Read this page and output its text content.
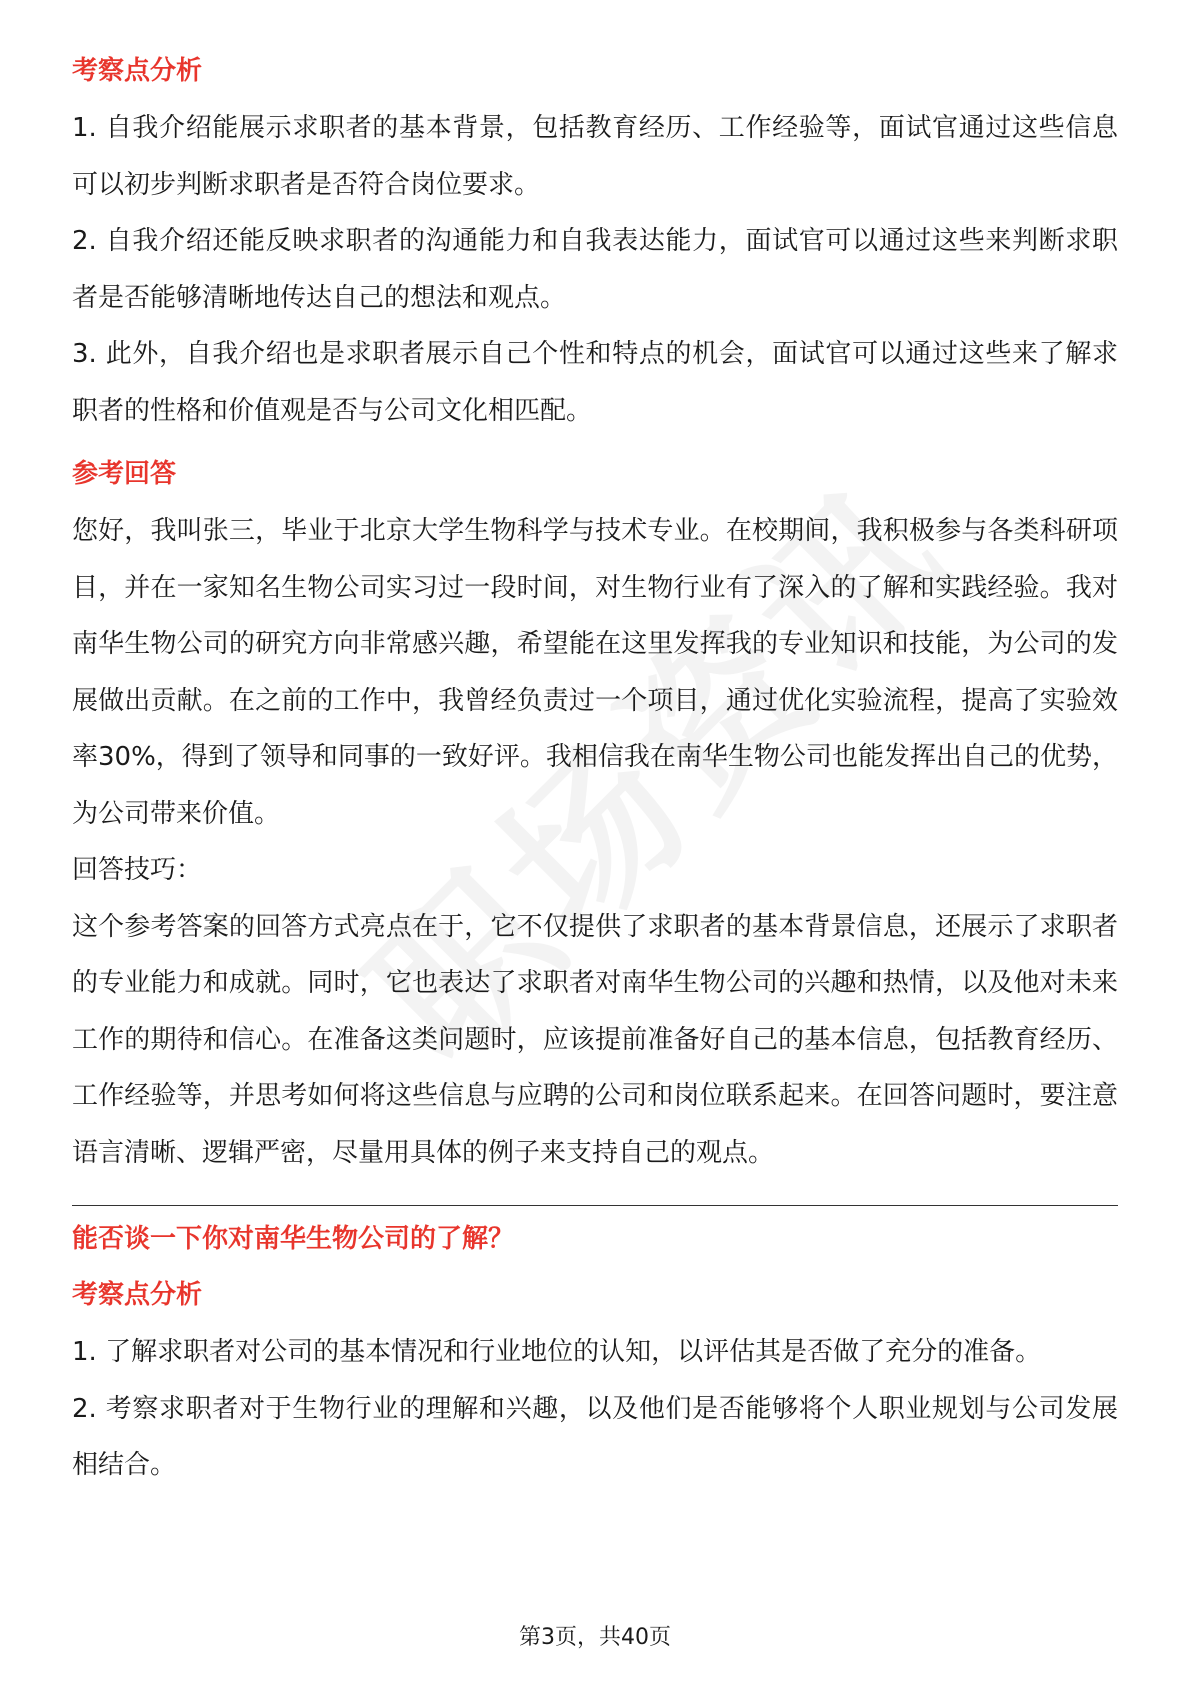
考察点分析

1. 自我介绍能展示求职者的基本背景，包括教育经历、工作经验等，面试官通过这些信息可以初步判断求职者是否符合岗位要求。

2. 自我介绍还能反映求职者的沟通能力和自我表达能力，面试官可以通过这些来判断求职者是否能够清晰地传达自己的想法和观点。

3. 此外，自我介绍也是求职者展示自己个性和特点的机会，面试官可以通过这些来了解求职者的性格和价值观是否与公司文化相匹配。

参考回答

您好，我叫张三，毕业于北京大学生物科学与技术专业。在校期间，我积极参与各类科研项目，并在一家知名生物公司实习过一段时间，对生物行业有了深入的了解和实践经验。我对南华生物公司的研究方向非常感兴趣，希望能在这里发挥我的专业知识和技能，为公司的发展做出贡献。在之前的工作中，我曾经负责过一个项目，通过优化实验流程，提高了实验效率30%，得到了领导和同事的一致好评。我相信我在南华生物公司也能发挥出自己的优势，为公司带来价值。

回答技巧：

这个参考答案的回答方式亮点在于，它不仅提供了求职者的基本背景信息，还展示了求职者的专业能力和成就。同时，它也表达了求职者对南华生物公司的兴趣和热情，以及他对未来工作的期待和信心。在准备这类问题时，应该提前准备好自己的基本信息，包括教育经历、工作经验等，并思考如何将这些信息与应聘的公司和岗位联系起来。在回答问题时，要注意语言清晰、逻辑严密，尽量用具体的例子来支持自己的观点。

能否谈一下你对南华生物公司的了解？
考察点分析

1. 了解求职者对公司的基本情况和行业地位的认知，以评估其是否做了充分的准备。

2. 考察求职者对于生物行业的理解和兴趣，以及他们是否能够将个人职业规划与公司发展相结合。

第3页，共40页
